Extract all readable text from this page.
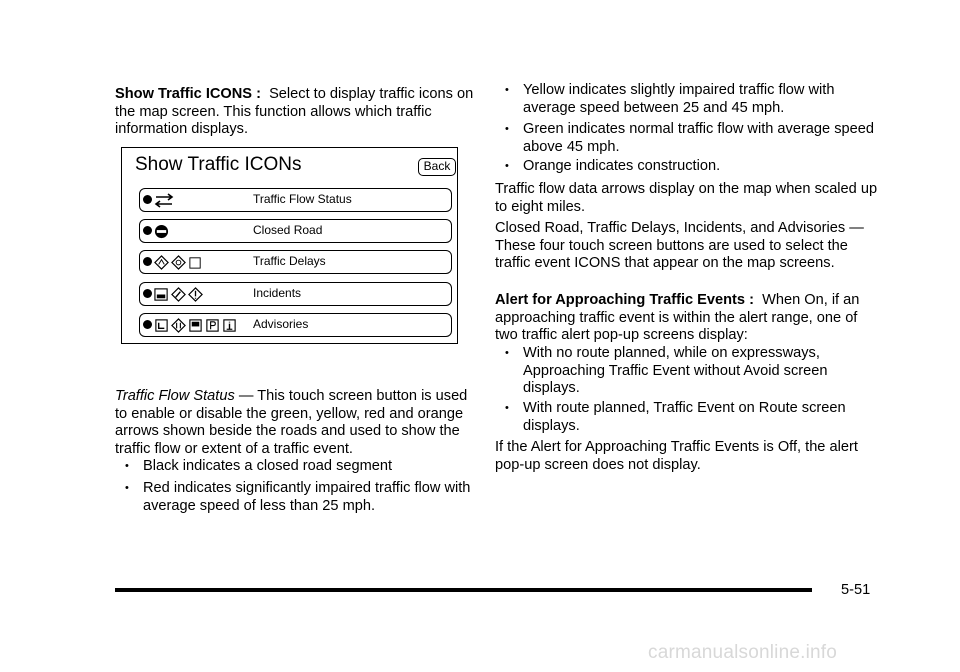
Show Traffic ICONS : Select to display traffic icons on the map screen. This function allows which traffic information displays.

Traffic Flow Status — This touch screen button is used to enable or disable the green, yellow, red and orange arrows shown beside the roads and used to show the traffic flow or extent of a traffic event.

• Black indicates a closed road segment
• Red indicates significantly impaired traffic flow with average speed of less than 25 mph.
Show Traffic ICONs	Back
Traffic Flow Status
Closed Road
Traffic Delays
Incidents
Advisories
• Yellow indicates slightly impaired traffic flow with average speed between 25 and 45 mph.
• Green indicates normal traffic flow with average speed above 45 mph.
• Orange indicates construction.

Traffic flow data arrows display on the map when scaled up to eight miles.

Closed Road, Traffic Delays, Incidents, and Advisories — These four touch screen buttons are used to select the traffic event ICONS that appear on the map screens.

Alert for Approaching Traffic Events : When On, if an approaching traffic event is within the alert range, one of two traffic alert pop-up screens display:

• With no route planned, while on expressways, Approaching Traffic Event without Avoid screen displays.
• With route planned, Traffic Event on Route screen displays.

If the Alert for Approaching Traffic Events is Off, the alert pop-up screen does not display.

5-51
carmanualsonline.info
